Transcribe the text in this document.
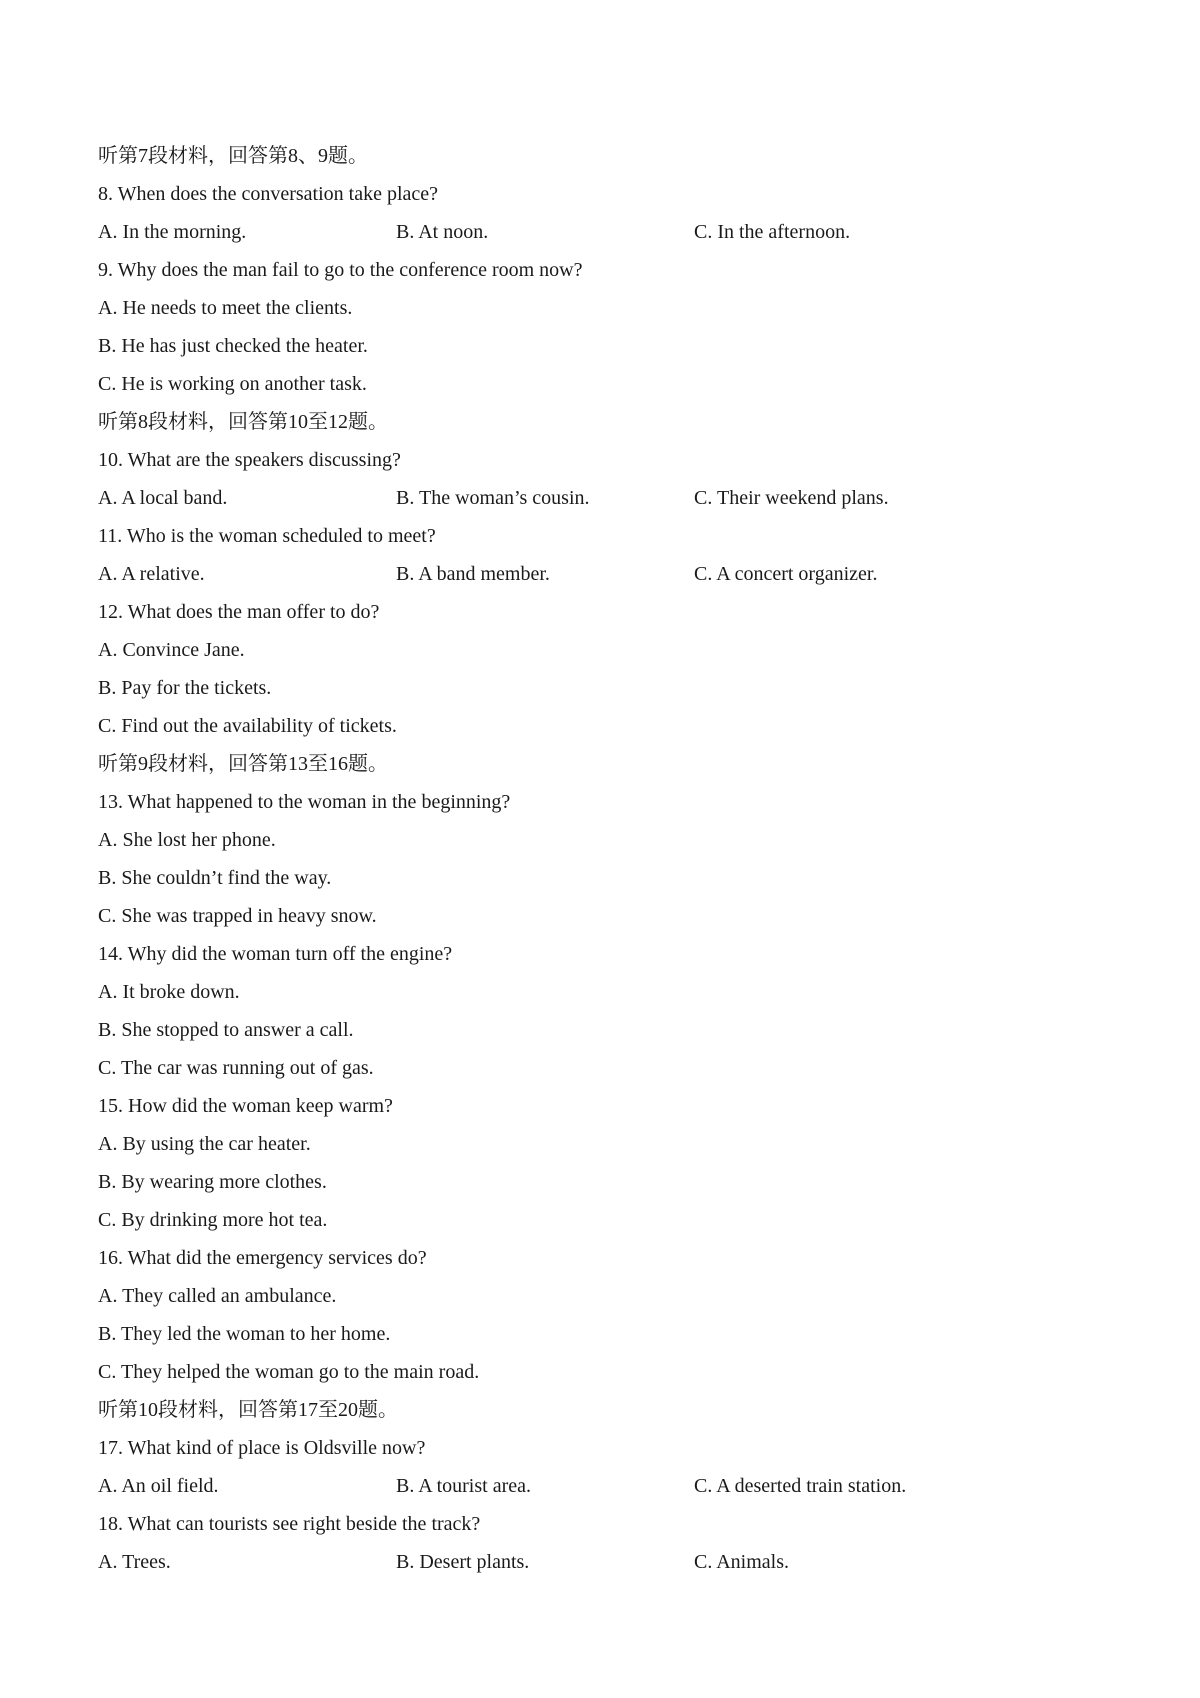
听第7段材料，回答第8、9题。
8. When does the conversation take place?
A. In the morning.	B. At noon.	C. In the afternoon.
9. Why does the man fail to go to the conference room now?
A. He needs to meet the clients.
B. He has just checked the heater.
C. He is working on another task.
听第8段材料，回答第10至12题。
10. What are the speakers discussing?
A. A local band.	B. The woman’s cousin.	C. Their weekend plans.
11. Who is the woman scheduled to meet?
A. A relative.	B. A band member.	C. A concert organizer.
12. What does the man offer to do?
A. Convince Jane.
B. Pay for the tickets.
C. Find out the availability of tickets.
听第9段材料，回答第13至16题。
13. What happened to the woman in the beginning?
A. She lost her phone.
B. She couldn’t find the way.
C. She was trapped in heavy snow.
14. Why did the woman turn off the engine?
A. It broke down.
B. She stopped to answer a call.
C. The car was running out of gas.
15. How did the woman keep warm?
A. By using the car heater.
B. By wearing more clothes.
C. By drinking more hot tea.
16. What did the emergency services do?
A. They called an ambulance.
B. They led the woman to her home.
C. They helped the woman go to the main road.
听第10段材料，回答第17至20题。
17. What kind of place is Oldsville now?
A. An oil field.	B. A tourist area.	C. A deserted train station.
18. What can tourists see right beside the track?
A. Trees.	B. Desert plants.	C. Animals.
